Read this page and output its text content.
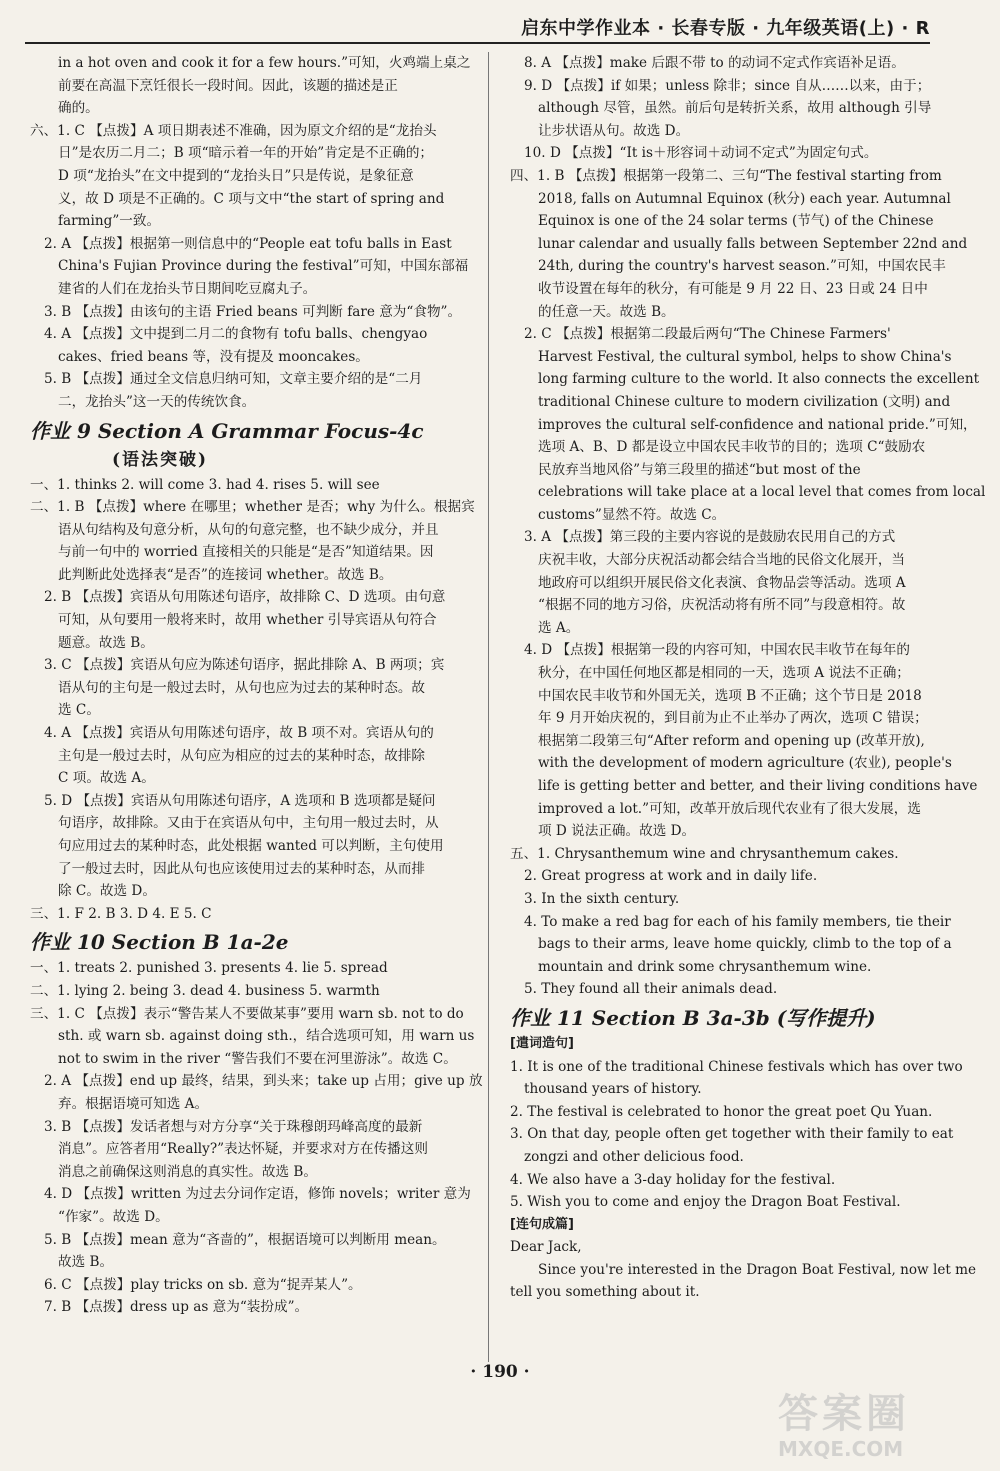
启东中学作业本 · 长春专版 · 九年级英语(上) · R
in a hot oven and cook it for a few hours.”可知，火鸡端上桌之
前要在高温下烹饪很长一段时间。因此，该题的描述是正
确的。
六、1. C 【点拨】A 项日期表述不准确，因为原文介绍的是“龙抬头
日”是农历二月二；B 项“暗示着一年的开始”肯定是不正确的；
D 项“龙抬头”在文中提到的“龙抬头日”只是传说，是象征意
义，故 D 项是不正确的。C 项与文中“the start of spring and
farming”一致。
2. A 【点拨】根据第一则信息中的“People eat tofu balls in East
China's Fujian Province during the festival”可知，中国东部福
建省的人们在龙抬头节日期间吃豆腐丸子。
3. B 【点拨】由该句的主语 Fried beans 可判断 fare 意为“食物”。
4. A 【点拨】文中提到二月二的食物有 tofu balls、chengyao
cakes、fried beans 等，没有提及 mooncakes。
5. B 【点拨】通过全文信息归纳可知，文章主要介绍的是“二月
二，龙抬头”这一天的传统饮食。
作业 9 Section A Grammar Focus-4c
(语法突破)
一、1. thinks 2. will come 3. had 4. rises 5. will see
二、1. B 【点拨】where 在哪里；whether 是否；why 为什么。根据宾
语从句结构及句意分析，从句的句意完整，也不缺少成分，并且
与前一句中的 worried 直接相关的只能是“是否”知道结果。因
此判断此处选择表“是否”的连接词 whether。故选 B。
2. B 【点拨】宾语从句用陈述句语序，故排除 C、D 选项。由句意
可知，从句要用一般将来时，故用 whether 引导宾语从句符合
题意。故选 B。
3. C 【点拨】宾语从句应为陈述句语序，据此排除 A、B 两项；宾
语从句的主句是一般过去时，从句也应为过去的某种时态。故
选 C。
4. A 【点拨】宾语从句用陈述句语序，故 B 项不对。宾语从句的
主句是一般过去时，从句应为相应的过去的某种时态，故排除
C 项。故选 A。
5. D 【点拨】宾语从句用陈述句语序，A 选项和 B 选项都是疑问
句语序，故排除。又由于在宾语从句中，主句用一般过去时，从
句应用过去的某种时态，此处根据 wanted 可以判断，主句使用
了一般过去时，因此从句也应该使用过去的某种时态，从而排
除 C。故选 D。
三、1. F 2. B 3. D 4. E 5. C
作业 10 Section B 1a-2e
一、1. treats 2. punished 3. presents 4. lie 5. spread
二、1. lying 2. being 3. dead 4. business 5. warmth
三、1. C 【点拨】表示“警告某人不要做某事”要用 warn sb. not to do
sth. 或 warn sb. against doing sth.，结合选项可知，用 warn us
not to swim in the river “警告我们不要在河里游泳”。故选 C。
2. A 【点拨】end up 最终，结果，到头来；take up 占用；give up 放
弃。根据语境可知选 A。
3. B 【点拨】发话者想与对方分享“关于珠穆朗玛峰高度的最新
消息”。应答者用“Really?”表达怀疑，并要求对方在传播这则
消息之前确保这则消息的真实性。故选 B。
4. D 【点拨】written 为过去分词作定语，修饰 novels；writer 意为
“作家”。故选 D。
5. B 【点拨】mean 意为“吝啬的”，根据语境可以判断用 mean。
故选 B。
6. C 【点拨】play tricks on sb. 意为“捉弄某人”。
7. B 【点拨】dress up as 意为“装扮成”。
8. A 【点拨】make 后跟不带 to 的动词不定式作宾语补足语。
9. D 【点拨】if 如果；unless 除非；since 自从……以来，由于；
although 尽管，虽然。前后句是转折关系，故用 although 引导
让步状语从句。故选 D。
10. D 【点拨】“It is＋形容词＋动词不定式”为固定句式。
四、1. B 【点拨】根据第一段第二、三句“The festival starting from
2018, falls on Autumnal Equinox (秋分) each year. Autumnal
Equinox is one of the 24 solar terms (节气) of the Chinese
lunar calendar and usually falls between September 22nd and
24th, during the country's harvest season.”可知，中国农民丰
收节设置在每年的秋分，有可能是 9 月 22 日、23 日或 24 日中
的任意一天。故选 B。
2. C 【点拨】根据第二段最后两句“The Chinese Farmers'
Harvest Festival, the cultural symbol, helps to show China's
long farming culture to the world. It also connects the excellent
traditional Chinese culture to modern civilization (文明) and
improves the cultural self-confidence and national pride.”可知，
选项 A、B、D 都是设立中国农民丰收节的目的；选项 C“鼓励农
民放弃当地风俗”与第三段里的描述“but most of the
celebrations will take place at a local level that comes from local
customs”显然不符。故选 C。
3. A 【点拨】第三段的主要内容说的是鼓励农民用自己的方式
庆祝丰收，大部分庆祝活动都会结合当地的民俗文化展开，当
地政府可以组织开展民俗文化表演、食物品尝等活动。选项 A
“根据不同的地方习俗，庆祝活动将有所不同”与段意相符。故
选 A。
4. D 【点拨】根据第一段的内容可知，中国农民丰收节在每年的
秋分，在中国任何地区都是相同的一天，选项 A 说法不正确；
中国农民丰收节和外国无关，选项 B 不正确；这个节日是 2018
年 9 月开始庆祝的，到目前为止不止举办了两次，选项 C 错误；
根据第二段第三句“After reform and opening up (改革开放),
with the development of modern agriculture (农业), people's
life is getting better and better, and their living conditions have
improved a lot.”可知，改革开放后现代农业有了很大发展，选
项 D 说法正确。故选 D。
五、1. Chrysanthemum wine and chrysanthemum cakes.
2. Great progress at work and in daily life.
3. In the sixth century.
4. To make a red bag for each of his family members, tie their
bags to their arms, leave home quickly, climb to the top of a
mountain and drink some chrysanthemum wine.
5. They found all their animals dead.
作业 11 Section B 3a-3b (写作提升)
[遣词造句]
1. It is one of the traditional Chinese festivals which has over two
thousand years of history.
2. The festival is celebrated to honor the great poet Qu Yuan.
3. On that day, people often get together with their family to eat
zongzi and other delicious food.
4. We also have a 3-day holiday for the festival.
5. Wish you to come and enjoy the Dragon Boat Festival.
[连句成篇]
Dear Jack,
Since you're interested in the Dragon Boat Festival, now let me
tell you something about it.
· 190 ·
答案圈
MXQE.COM
